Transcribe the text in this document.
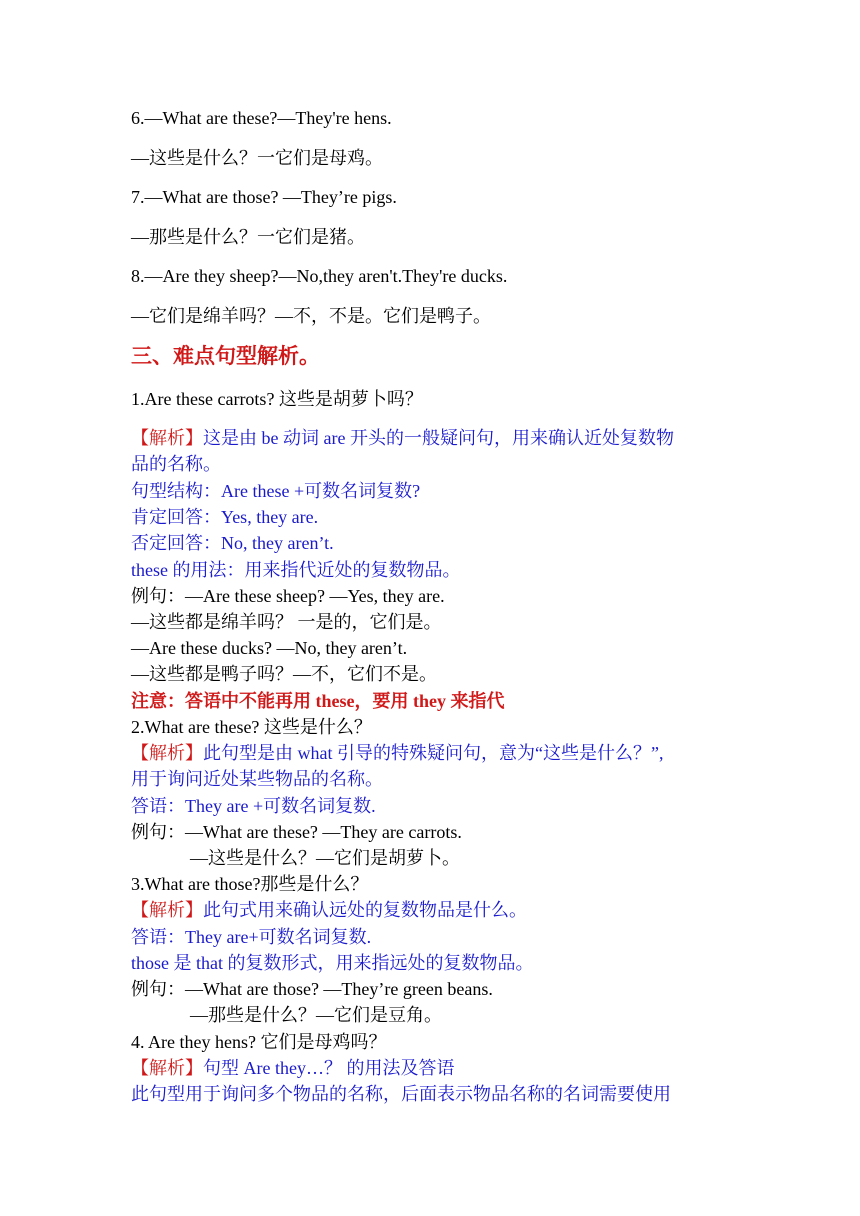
6.—What are these?—They're hens.
—这些是什么？一它们是母鸡。
7.—What are those? —They’re pigs.
—那些是什么？一它们是猪。
8.—Are they sheep?—No,they aren't.They're ducks.
—它们是绵羊吗？—不，不是。它们是鸭子。
三、难点句型解析。
1.Are these carrots? 这些是胡萝卜吗？
【解析】这是由 be 动词 are 开头的一般疑问句，用来确认近处复数物
品的名称。
句型结构：Are these +可数名词复数?
肯定回答：Yes, they are.
否定回答：No, they aren’t.
these 的用法：用来指代近处的复数物品。
例句：—Are these sheep? —Yes, they are.
—这些都是绵羊吗？ 一是的，它们是。
—Are these ducks? —No, they aren’t.
—这些都是鸭子吗？—不，它们不是。
注意：答语中不能再用 these，要用 they 来指代
2.What are these? 这些是什么？
【解析】此句型是由 what 引导的特殊疑问句，意为“这些是什么？”,
用于询问近处某些物品的名称。
答语：They are +可数名词复数.
例句：—What are these? —They are carrots.
—这些是什么？—它们是胡萝卜。
3.What are those?那些是什么？
【解析】此句式用来确认远处的复数物品是什么。
答语：They are+可数名词复数.
those 是 that 的复数形式，用来指远处的复数物品。
例句：—What are those? —They’re green beans.
—那些是什么？—它们是豆角。
4. Are they hens? 它们是母鸡吗？
【解析】句型 Are they…？ 的用法及答语
此句型用于询问多个物品的名称，后面表示物品名称的名词需要使用
